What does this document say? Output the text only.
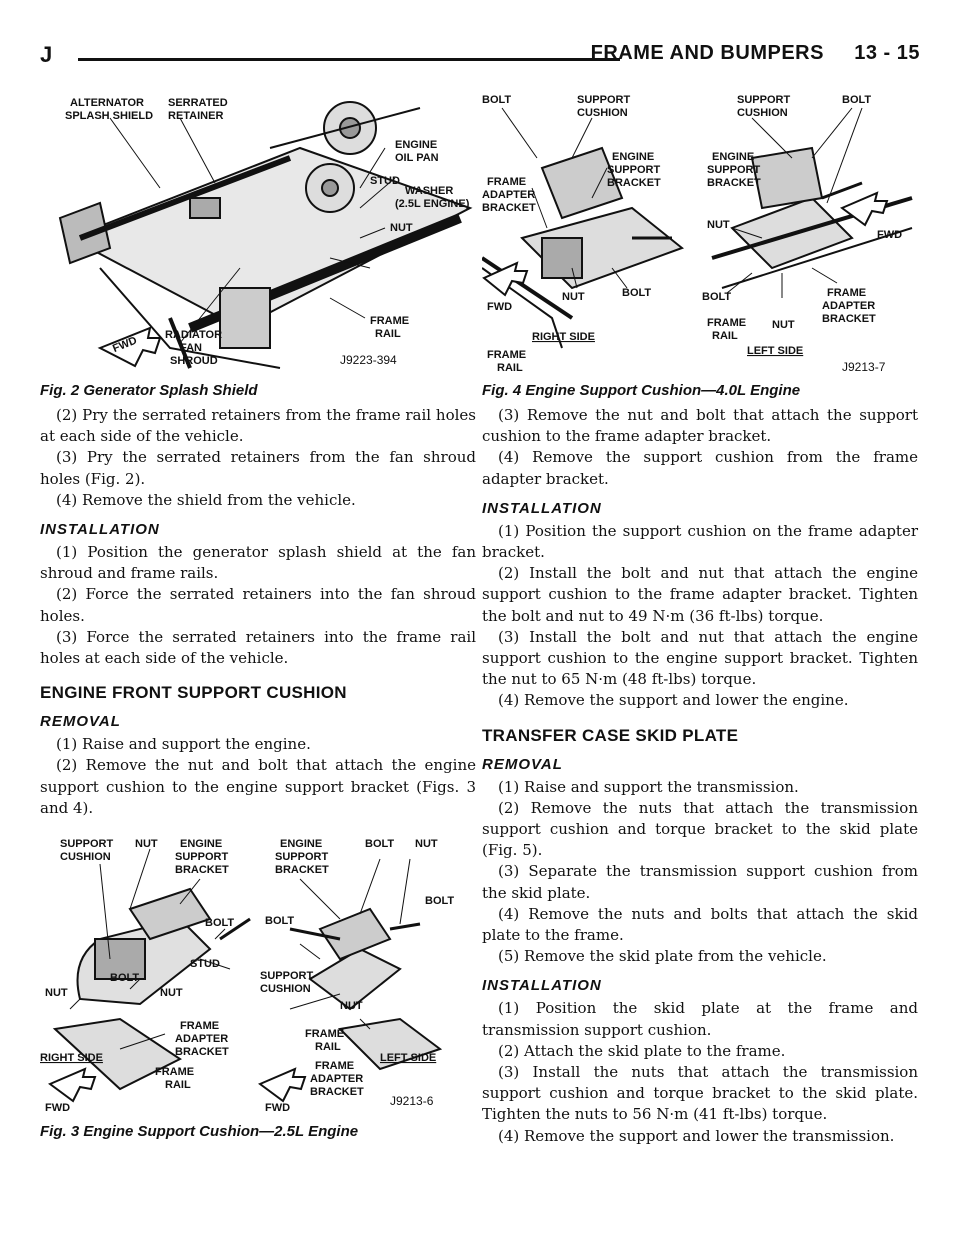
J	FRAME AND BUMPERS     13 - 15
ALTERNATOR
SPLASH SHIELD
SERRATED
RETAINER
ENGINE
OIL PAN
STUD
WASHER
(2.5L ENGINE)
NUT
FWD RADIATOR
FAN
SHROUD
FRAME
RAIL
J9223-394
Fig. 2 Generator Splash Shield

(2) Pry the serrated retainers from the frame rail holes at each side of the vehicle.

(3) Pry the serrated retainers from the fan shroud holes (Fig. 2).

(4) Remove the shield from the vehicle.

INSTALLATION

(1) Position the generator splash shield at the fan shroud and frame rails.

(2) Force the serrated retainers into the fan shroud holes.

(3) Force the serrated retainers into the frame rail holes at each side of the vehicle.

ENGINE FRONT SUPPORT CUSHION
REMOVAL

(1) Raise and support the engine.

(2) Remove the nut and bolt that attach the engine support cushion to the engine support bracket (Figs. 3 and 4).

SUPPORT
CUSHION
NUT ENGINE
SUPPORT
BRACKET
BOLT
STUD
BOLT
NUT	NUT
FRAME
ADAPTER
BRACKET
RIGHT SIDE
FRAME
RAIL
FWD
ENGINE
SUPPORT
BRACKET
BOLT NUT
BOLT
BOLT
SUPPORT
CUSHION
NUT
FRAME
RAIL
FRAME
ADAPTER
BRACKET
LEFT SIDE
FWD	J9213-6
Fig. 3 Engine Support Cushion—2.5L Engine
BOLT	SUPPORT
CUSHION
ENGINE
SUPPORT
BRACKET
FRAME
ADAPTER
BRACKET
FWD
NUT	BOLT
RIGHT SIDE
FRAME
RAIL
SUPPORT
CUSHION
BOLT
ENGINE
SUPPORT
BRACKET
NUT
FWD
BOLT
FRAME
RAIL
NUT
FRAME
ADAPTER
BRACKET
LEFT SIDE
J9213-7
Fig. 4 Engine Support Cushion—4.0L Engine

(3) Remove the nut and bolt that attach the support cushion to the frame adapter bracket.

(4) Remove the support cushion from the frame adapter bracket.

INSTALLATION

(1) Position the support cushion on the frame adapter bracket.

(2) Install the bolt and nut that attach the engine support cushion to the frame adapter bracket. Tighten the bolt and nut to 49 N·m (36 ft-lbs) torque.

(3) Install the bolt and nut that attach the engine support cushion to the engine support bracket. Tighten the nut to 65 N·m (48 ft-lbs) torque.

(4) Remove the support and lower the engine.

TRANSFER CASE SKID PLATE
REMOVAL

(1) Raise and support the transmission.

(2) Remove the nuts that attach the transmission support cushion and torque bracket to the skid plate (Fig. 5).

(3) Separate the transmission support cushion from the skid plate.

(4) Remove the nuts and bolts that attach the skid plate to the frame.

(5) Remove the skid plate from the vehicle.

INSTALLATION

(1) Position the skid plate at the frame and transmission support cushion.

(2) Attach the skid plate to the frame.

(3) Install the nuts that attach the transmission support cushion and torque bracket to the skid plate. Tighten the nuts to 56 N·m (41 ft-lbs) torque.

(4) Remove the support and lower the transmission.
